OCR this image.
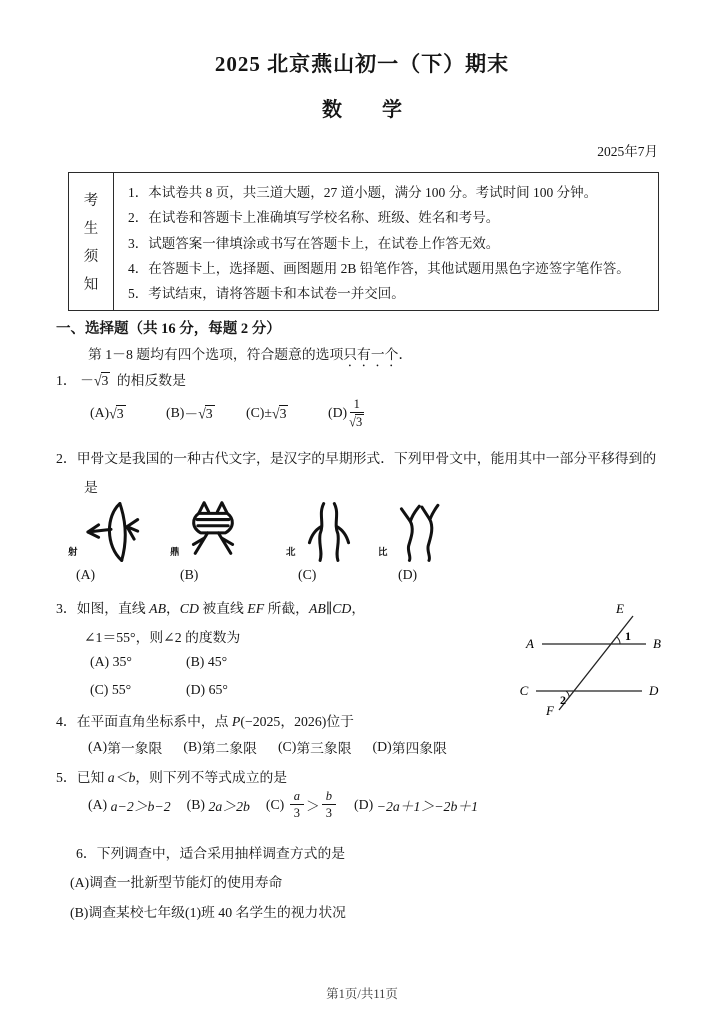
2025 北京燕山初一（下）期末
数　　学
2025年7月
考
生
须
知
1．本试卷共 8 页，共三道大题，27 道小题，满分 100 分。考试时间 100 分钟。
2．在试卷和答题卡上准确填写学校名称、班级、姓名和考号。
3．试题答案一律填涂或书写在答题卡上，在试卷上作答无效。
4．在答题卡上，选择题、画图题用 2B 铅笔作答，其他试题用黑色字迹签字笔作答。
5．考试结束，请将答题卡和本试卷一并交回。
一、选择题（共 16 分，每题 2 分）
第 1－8 题均有四个选项，符合题意的选项只有一个．
1． －√3 的相反数是
(A) √3	(B) － √3 (C) ± √3	$(D) \frac{1}{√3}$
2．甲骨文是我国的一种古代文字，是汉字的早期形式．下列甲骨文中，能用其中一部分平移得到的
是
射	鼎	北	比
(A)	(B)	(C)	(D)
3．如图，直线 AB，CD 被直线 EF 所截，AB∥CD，
∠1＝55°，则∠2 的度数为
(A)
35°	(B)
45°
(C)
55°	(D)
65°
A	B
C	D
E
F
1
2
4．在平面直角坐标系中，点 P(−2025，2026)位于
(A) 第一象限 (B) 第二象限 (C) 第三象限 (D) 第四象限
5．已知 a＜b，则下列不等式成立的是
(A)
a−2＞b−2 (B)
2a＞2b (C)
$\frac{a}{3} > \frac{b}{3} (D)$
−2a＋1＞−2b＋1
6．下列调查中，适合采用抽样调查方式的是
(A)调查一批新型节能灯的使用寿命
(B)调查某校七年级(1)班 40 名学生的视力状况
第1页/共11页
